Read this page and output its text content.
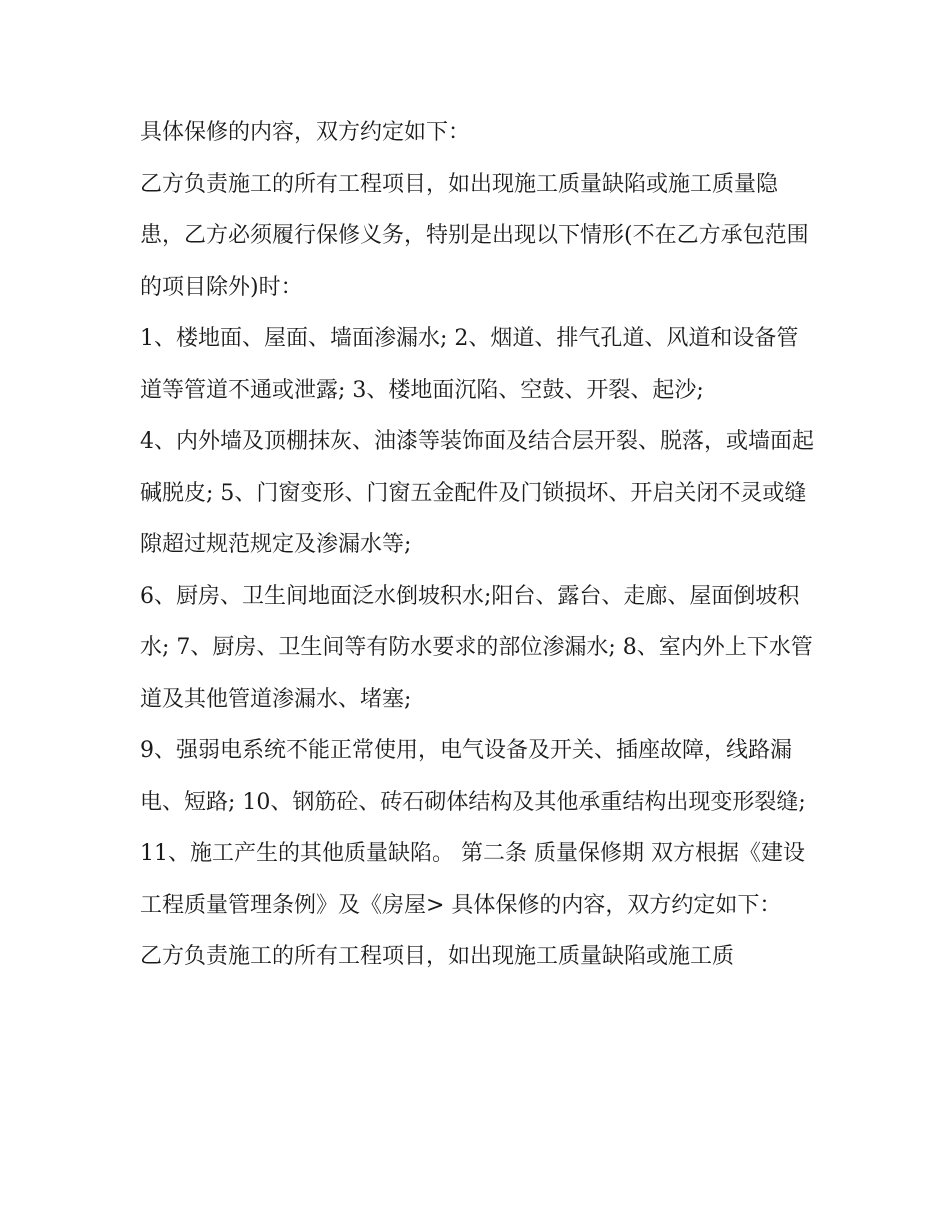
具体保修的内容，双方约定如下：

乙方负责施工的所有工程项目，如出现施工质量缺陷或施工质量隐患，乙方必须履行保修义务，特别是出现以下情形(不在乙方承包范围的项目除外)时：

1、楼地面、屋面、墙面渗漏水; 2、烟道、排气孔道、风道和设备管道等管道不通或泄露; 3、楼地面沉陷、空鼓、开裂、起沙;

4、内外墙及顶棚抹灰、油漆等装饰面及结合层开裂、脱落，或墙面起碱脱皮; 5、门窗变形、门窗五金配件及门锁损坏、开启关闭不灵或缝隙超过规范规定及渗漏水等;

6、厨房、卫生间地面泛水倒坡积水;阳台、露台、走廊、屋面倒坡积水; 7、厨房、卫生间等有防水要求的部位渗漏水; 8、室内外上下水管道及其他管道渗漏水、堵塞;

9、强弱电系统不能正常使用，电气设备及开关、插座故障，线路漏电、短路; 10、钢筋砼、砖石砌体结构及其他承重结构出现变形裂缝;

11、施工产生的其他质量缺陷。 第二条 质量保修期 双方根据《建设工程质量管理条例》及《房屋> 具体保修的内容，双方约定如下：

乙方负责施工的所有工程项目，如出现施工质量缺陷或施工质
